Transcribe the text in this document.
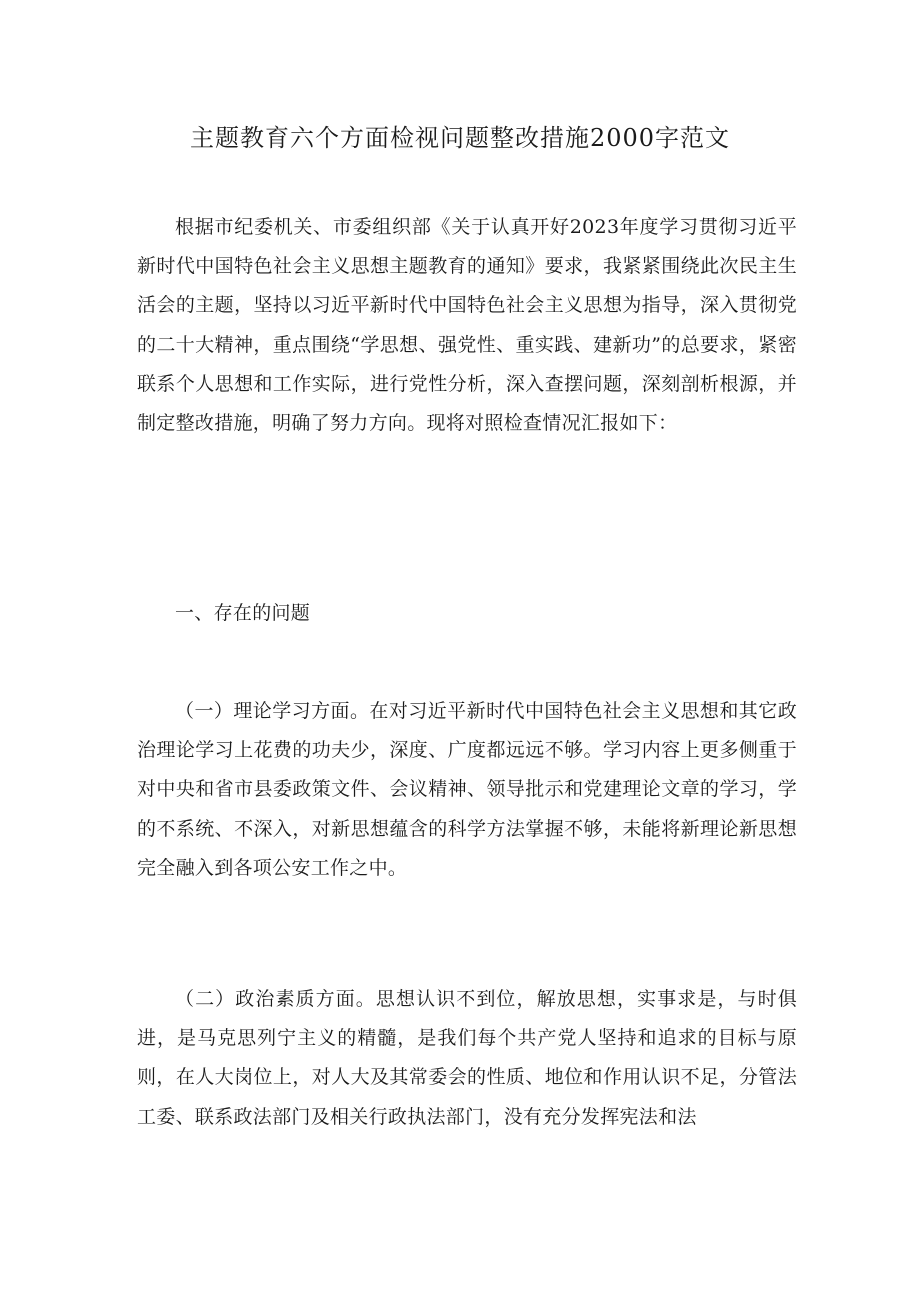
主题教育六个方面检视问题整改措施2000字范文

根据市纪委机关、市委组织部《关于认真开好2023年度学习贯彻习近平新时代中国特色社会主义思想主题教育的通知》要求，我紧紧围绕此次民主生活会的主题，坚持以习近平新时代中国特色社会主义思想为指导，深入贯彻党的二十大精神，重点围绕“学思想、强党性、重实践、建新功”的总要求，紧密联系个人思想和工作实际，进行党性分析，深入查摆问题，深刻剖析根源，并制定整改措施，明确了努力方向。现将对照检查情况汇报如下：

一、存在的问题

（一）理论学习方面。在对习近平新时代中国特色社会主义思想和其它政治理论学习上花费的功夫少，深度、广度都远远不够。学习内容上更多侧重于对中央和省市县委政策文件、会议精神、领导批示和党建理论文章的学习，学的不系统、不深入，对新思想蕴含的科学方法掌握不够，未能将新理论新思想完全融入到各项公安工作之中。

（二）政治素质方面。思想认识不到位，解放思想，实事求是，与时俱进，是马克思列宁主义的精髓，是我们每个共产党人坚持和追求的目标与原则，在人大岗位上，对人大及其常委会的性质、地位和作用认识不足，分管法工委、联系政法部门及相关行政执法部门，没有充分发挥宪法和法
